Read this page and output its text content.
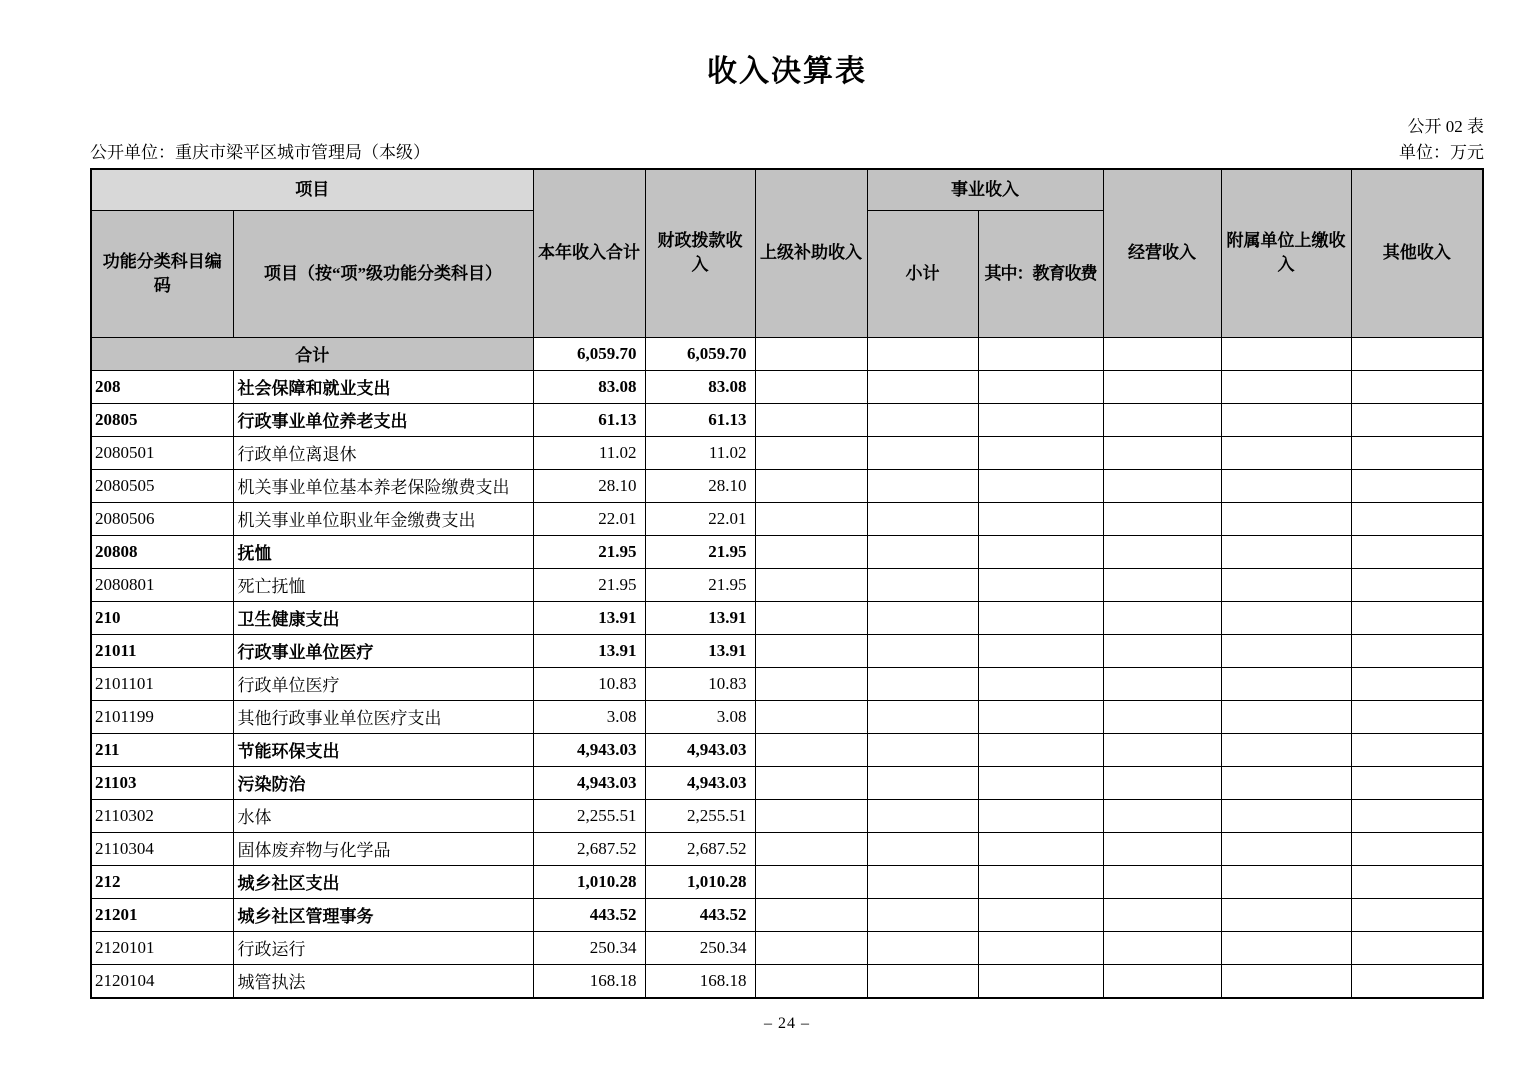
收入决算表
公开 02 表
公开单位：重庆市梁平区城市管理局（本级）	单位：万元
项目		本年收入合计	财政拨款收入	上级补助收入	事业收入		经营收入	附属单位上缴收入	其他收入
功能分类科目编码	项目（按“项”级功能分类科目）				小计	其中：教育收费			
合计		6,059.70	6,059.70						
208	社会保障和就业支出	83.08	83.08						
20805	行政事业单位养老支出	61.13	61.13						
2080501	行政单位离退休	11.02	11.02						
2080505	机关事业单位基本养老保险缴费支出	28.10	28.10						
2080506	机关事业单位职业年金缴费支出	22.01	22.01						
20808	抚恤	21.95	21.95						
2080801	死亡抚恤	21.95	21.95						
210	卫生健康支出	13.91	13.91						
21011	行政事业单位医疗	13.91	13.91						
2101101	行政单位医疗	10.83	10.83						
2101199	其他行政事业单位医疗支出	3.08	3.08						
211	节能环保支出	4,943.03	4,943.03						
21103	污染防治	4,943.03	4,943.03						
2110302	水体	2,255.51	2,255.51						
2110304	固体废弃物与化学品	2,687.52	2,687.52						
212	城乡社区支出	1,010.28	1,010.28						
21201	城乡社区管理事务	443.52	443.52						
2120101	行政运行	250.34	250.34						
2120104	城管执法	168.18	168.18						
– 24 –
